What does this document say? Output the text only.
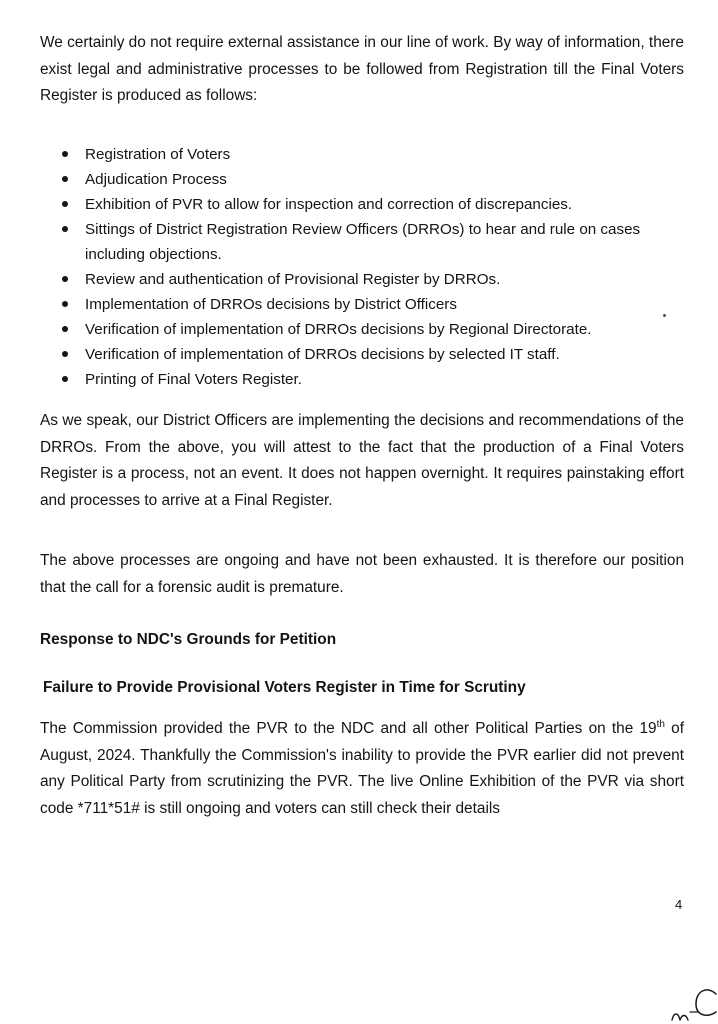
We certainly do not require external assistance in our line of work. By way of information, there exist legal and administrative processes to be followed from Registration till the Final Voters Register is produced as follows:

Registration of Voters
Adjudication Process
Exhibition of PVR to allow for inspection and correction of discrepancies.
Sittings of District Registration Review Officers (DRROs) to hear and rule on cases including objections.
Review and authentication of Provisional Register by DRROs.
Implementation of DRROs decisions by District Officers
Verification of implementation of DRROs decisions by Regional Directorate.
Verification of implementation of DRROs decisions by selected IT staff.
Printing of Final Voters Register.

As we speak, our District Officers are implementing the decisions and recommendations of the DRROs. From the above, you will attest to the fact that the production of a Final Voters Register is a process, not an event. It does not happen overnight. It requires painstaking effort and processes to arrive at a Final Register.

The above processes are ongoing and have not been exhausted. It is therefore our position that the call for a forensic audit is premature.

Response to NDC's Grounds for Petition

Failure to Provide Provisional Voters Register in Time for Scrutiny

The Commission provided the PVR to the NDC and all other Political Parties on the 19th of August, 2024. Thankfully the Commission's inability to provide the PVR earlier did not prevent any Political Party from scrutinizing the PVR. The live Online Exhibition of the PVR via short code *711*51# is still ongoing and voters can still check their details

4
